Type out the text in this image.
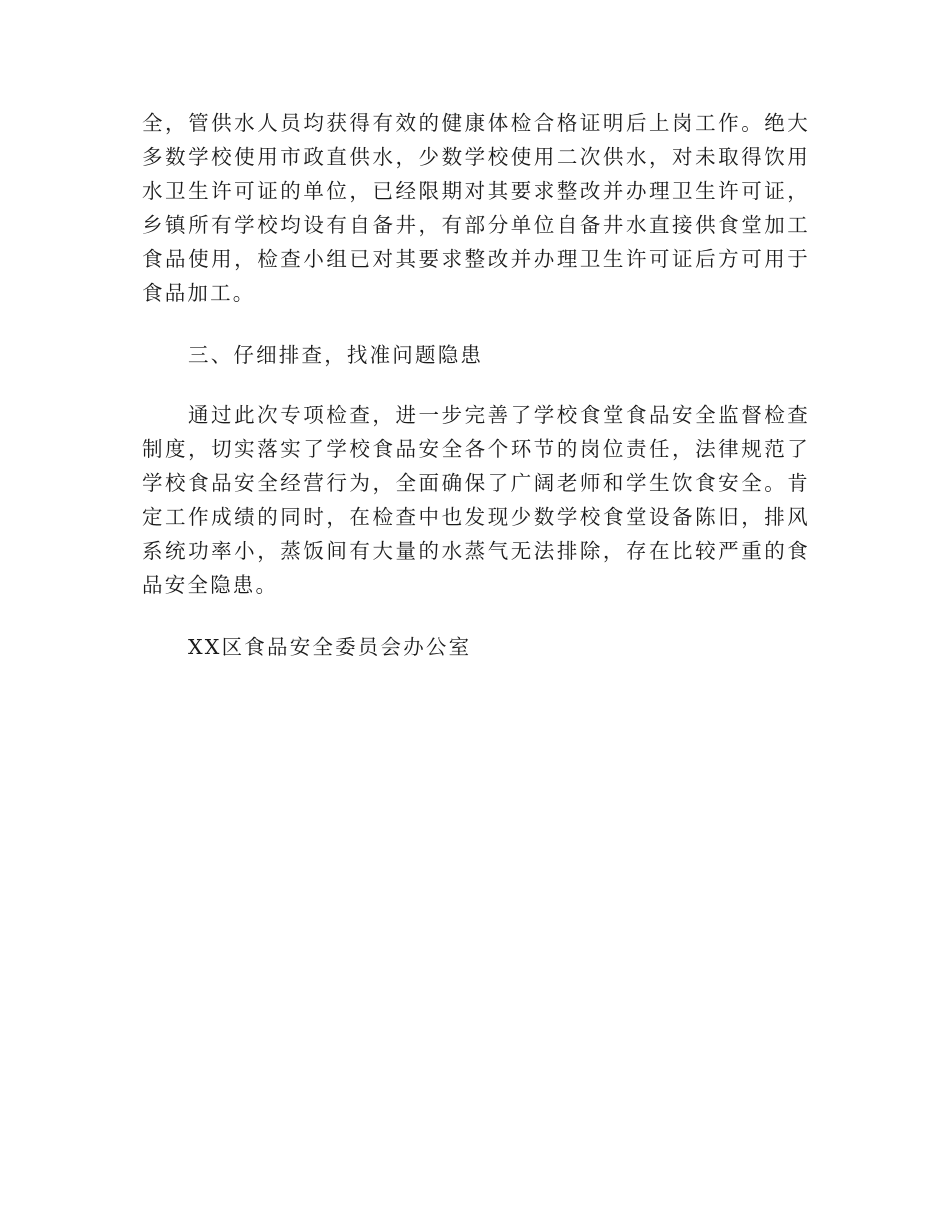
全，管供水人员均获得有效的健康体检合格证明后上岗工作。绝大多数学校使用市政直供水，少数学校使用二次供水，对未取得饮用水卫生许可证的单位，已经限期对其要求整改并办理卫生许可证，乡镇所有学校均设有自备井，有部分单位自备井水直接供食堂加工食品使用，检查小组已对其要求整改并办理卫生许可证后方可用于食品加工。

三、仔细排查，找准问题隐患

通过此次专项检查，进一步完善了学校食堂食品安全监督检查制度，切实落实了学校食品安全各个环节的岗位责任，法律规范了学校食品安全经营行为，全面确保了广阔老师和学生饮食安全。肯定工作成绩的同时，在检查中也发现少数学校食堂设备陈旧，排风系统功率小，蒸饭间有大量的水蒸气无法排除，存在比较严重的食品安全隐患。

XX区食品安全委员会办公室
